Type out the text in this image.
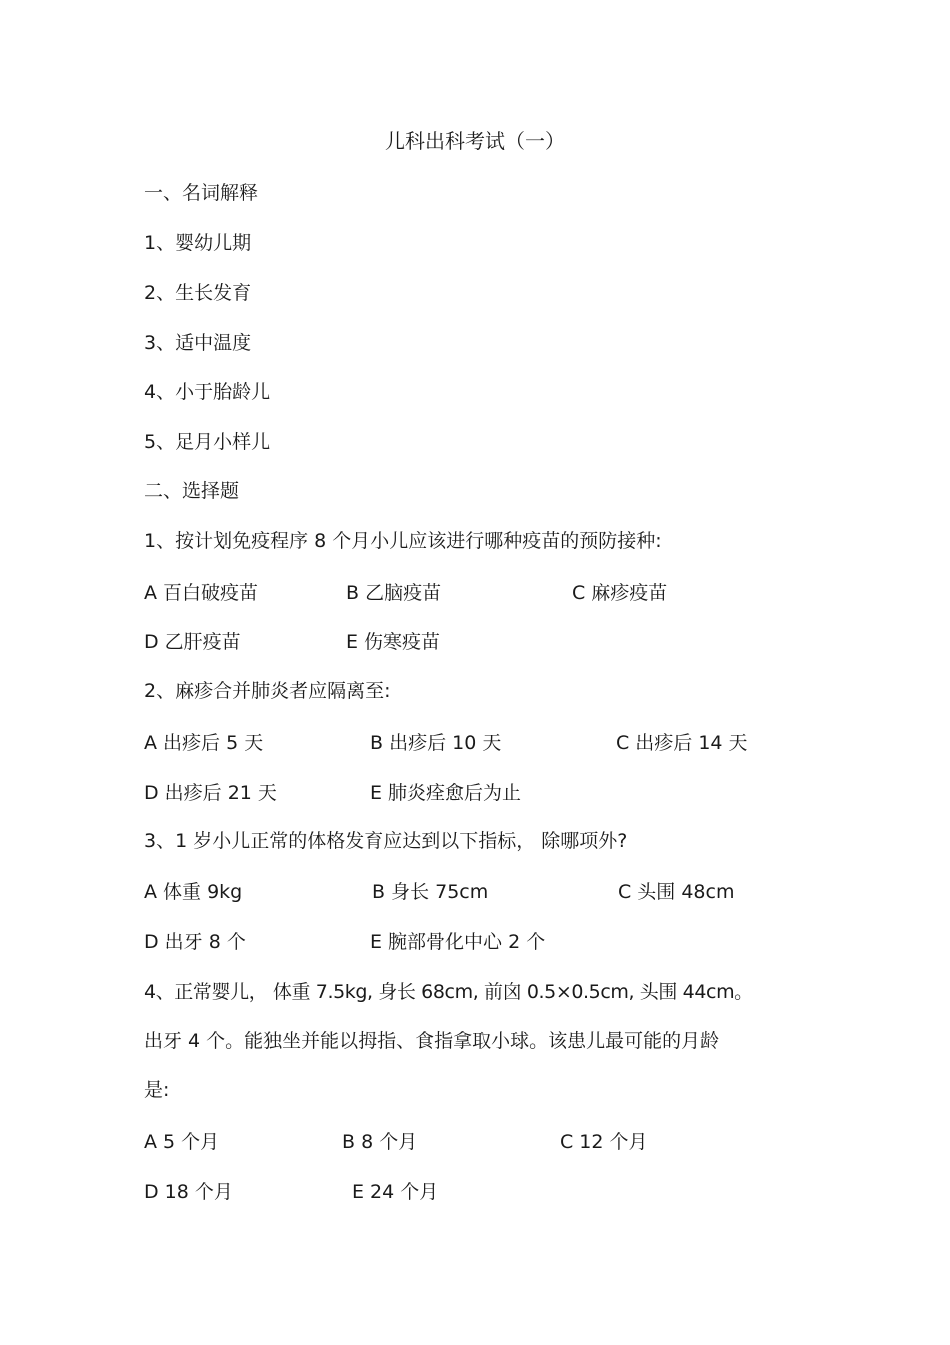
儿科出科考试（一）
一、名词解释
1、婴幼儿期
2、生长发育
3、适中温度
4、小于胎龄儿
5、足月小样儿
二、选择题
1、按计划免疫程序 8 个月小儿应该进行哪种疫苗的预防接种:
A 百白破疫苗	B 乙脑疫苗	C 麻疹疫苗
D 乙肝疫苗	E 伤寒疫苗
2、麻疹合并肺炎者应隔离至:
A 出疹后 5 天	B 出疹后 10 天	C 出疹后 14 天
D 出疹后 21 天	E 肺炎痊愈后为止
3、1 岁小儿正常的体格发育应达到以下指标， 除哪项外?
A 体重 9kg	B 身长 75cm	C 头围 48cm
D 出牙 8 个	E 腕部骨化中心 2 个
4、正常婴儿， 体重 7.5kg, 身长 68cm, 前囟 0.5×0.5cm, 头围 44cm。
出牙 4 个。能独坐并能以拇指、食指拿取小球。该患儿最可能的月龄
是:
A 5 个月	B 8 个月	C 12 个月
D 18 个月	E 24 个月
